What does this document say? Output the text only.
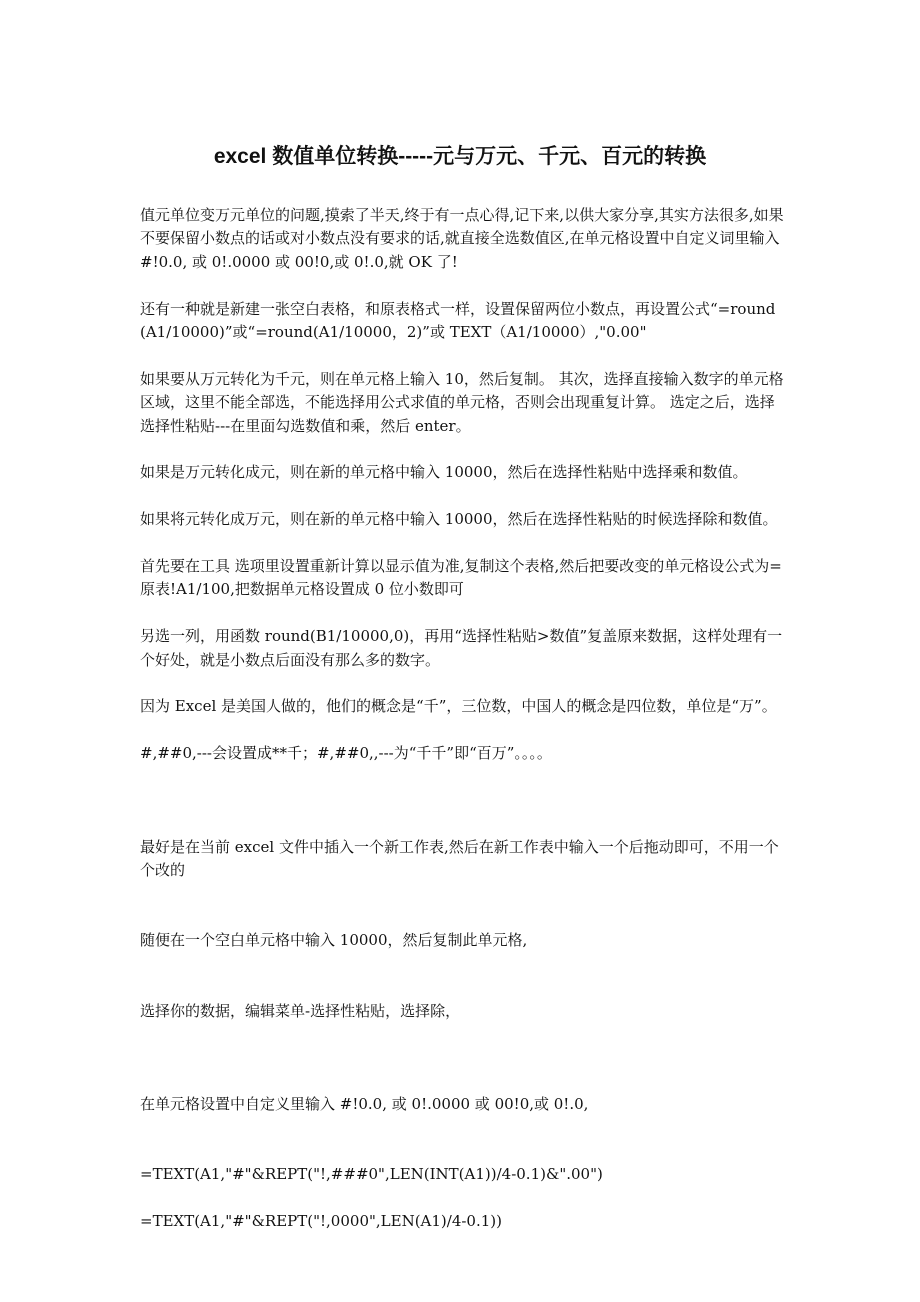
excel 数值单位转换-----元与万元、千元、百元的转换

值元单位变万元单位的问题,摸索了半天,终于有一点心得,记下来,以供大家分享,其实方法很多,如果不要保留小数点的话或对小数点没有要求的话,就直接全选数值区,在单元格设置中自定义词里输入#!0.0, 或 0!.0000 或 00!0,或 0!.0,就 OK 了!

还有一种就是新建一张空白表格，和原表格式一样，设置保留两位小数点，再设置公式“=round(A1/10000)”或“=round(A1/10000，2)”或 TEXT（A1/10000）,"0.00"

如果要从万元转化为千元，则在单元格上输入 10，然后复制。 其次，选择直接输入数字的单元格区域，这里不能全部选，不能选择用公式求值的单元格，否则会出现重复计算。 选定之后，选择选择性粘贴---在里面勾选数值和乘，然后 enter。

如果是万元转化成元，则在新的单元格中输入 10000，然后在选择性粘贴中选择乘和数值。

如果将元转化成万元，则在新的单元格中输入 10000，然后在选择性粘贴的时候选择除和数值。

首先要在工具 选项里设置重新计算以显示值为准,复制这个表格,然后把要改变的单元格设公式为=原表!A1/100,把数据单元格设置成 0 位小数即可

另选一列，用函数 round(B1/10000,0)，再用“选择性粘贴>数值”复盖原来数据，这样处理有一个好处，就是小数点后面没有那么多的数字。

因为 Excel 是美国人做的，他们的概念是“千”，三位数，中国人的概念是四位数，单位是“万”。

#,##0,---会设置成**千；#,##0,,---为“千千”即“百万”。。。。

最好是在当前 excel 文件中插入一个新工作表,然后在新工作表中输入一个后拖动即可，不用一个个改的

随便在一个空白单元格中输入 10000，然后复制此单元格,

选择你的数据，编辑菜单-选择性粘贴，选择除，

在单元格设置中自定义里输入 #!0.0, 或 0!.0000 或 00!0,或 0!.0,

=TEXT(A1,"#"&REPT("!,###0",LEN(INT(A1))/4-0.1)&".00")

=TEXT(A1,"#"&REPT("!,0000",LEN(A1)/4-0.1))
